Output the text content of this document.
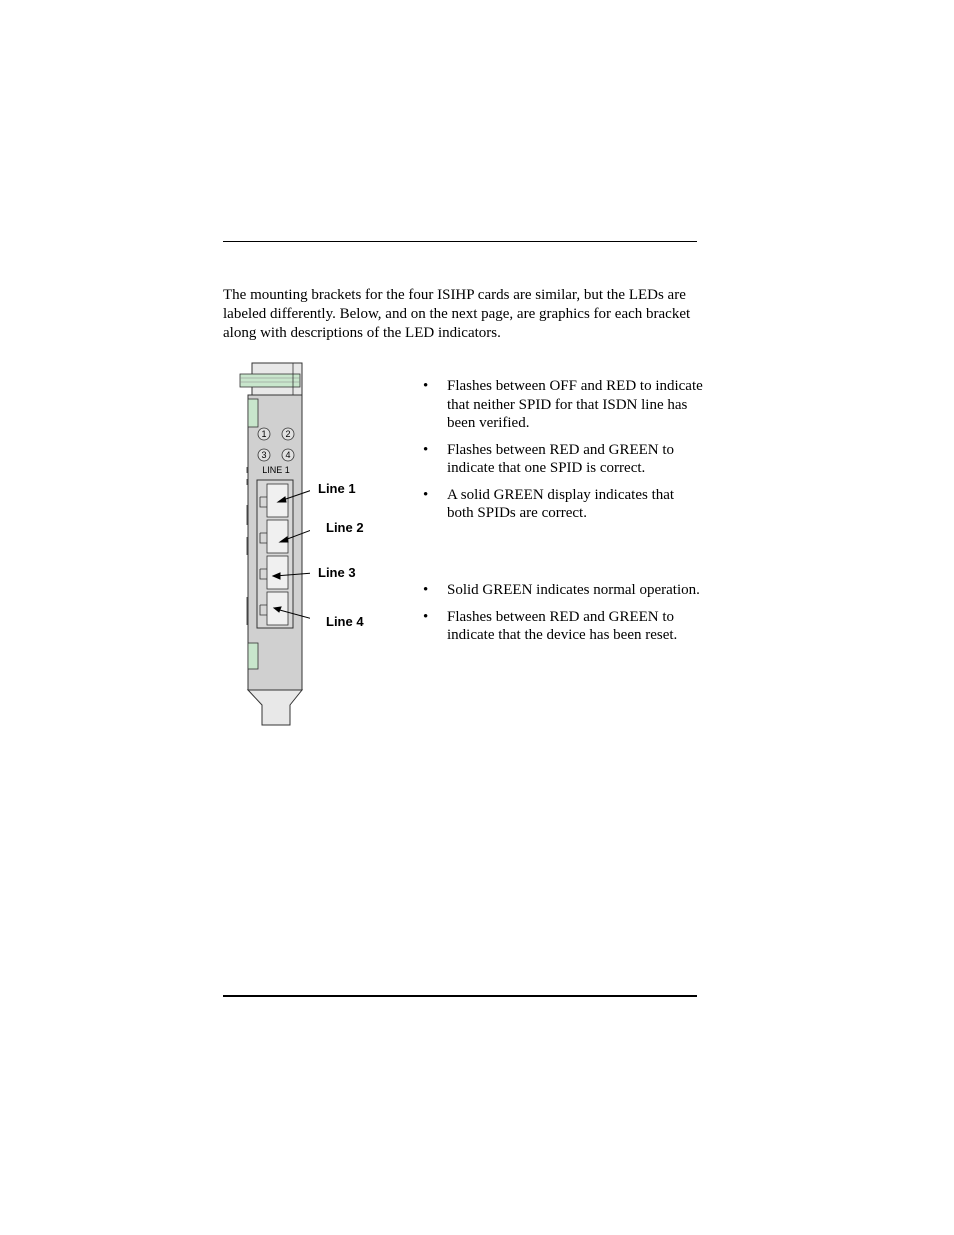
The mounting brackets for the four ISIHP cards are similar, but the LEDs are labeled differently. Below, and on the next page, are graphics for each bracket along with descriptions of the LED indicators.

1 2
3 4
LINE 1
Line 1
Line 2
Line 3
Line 4
• Flashes between OFF and RED to indicate that neither SPID for that ISDN line has been verified.
• Flashes between RED and GREEN to indicate that one SPID is correct.
• A solid GREEN display indicates that both SPIDs are correct.
• Solid GREEN indicates normal operation.
• Flashes between RED and GREEN to indicate that the device has been reset.
